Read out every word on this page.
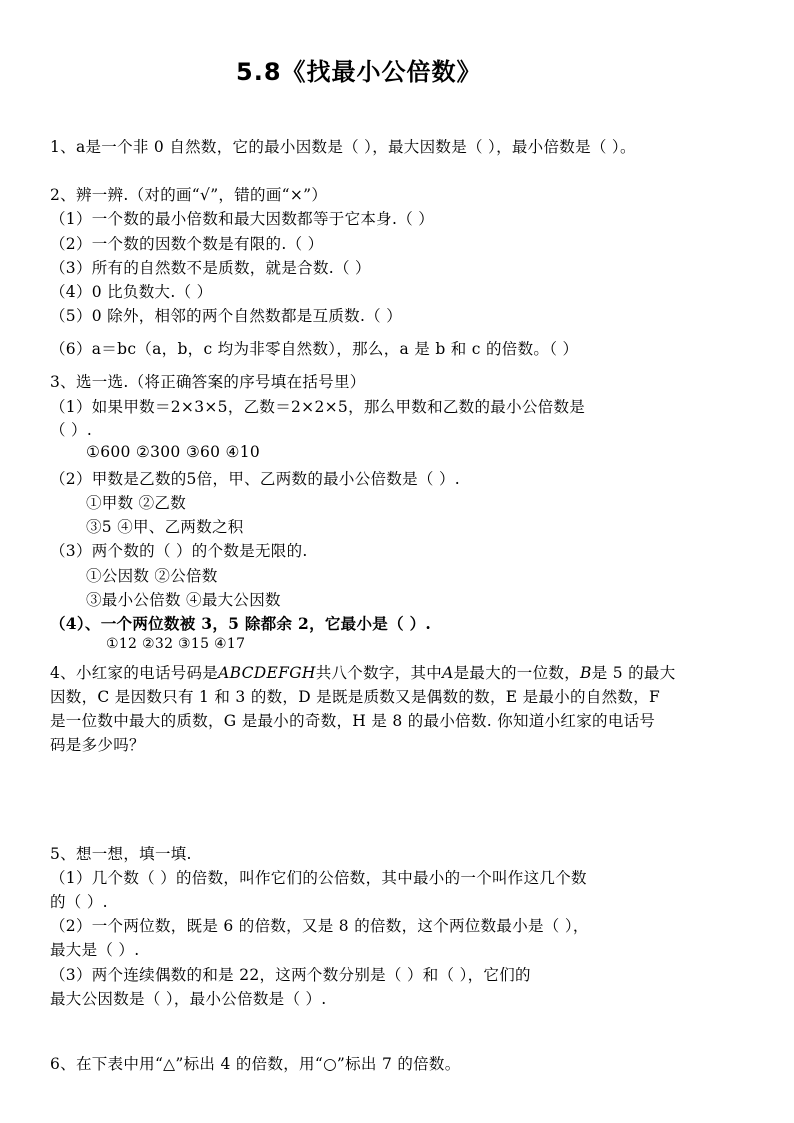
5.8《找最小公倍数》
1、a是一个非 0 自然数，它的最小因数是（ ），最大因数是（ ），最小倍数是（ ）。
2、辨一辨.（对的画“√”，错的画“×”）
（1）一个数的最小倍数和最大因数都等于它本身.（ ）
（2）一个数的因数个数是有限的.（ ）
（3）所有的自然数不是质数，就是合数.（ ）
（4）0 比负数大.（ ）
（5）0 除外，相邻的两个自然数都是互质数.（ ）
（6）a＝bc（a，b，c 均为非零自然数），那么，a 是 b 和 c 的倍数。（ ）
3、选一选.（将正确答案的序号填在括号里）
（1）如果甲数＝2×3×5，乙数＝2×2×5，那么甲数和乙数的最小公倍数是
（ ）.
①600 ②300 ③60 ④10
（2）甲数是乙数的5倍，甲、乙两数的最小公倍数是（ ）.
①甲数 ②乙数
③5 ④甲、乙两数之积
（3）两个数的（ ）的个数是无限的.
①公因数 ②公倍数
③最小公倍数 ④最大公因数
（4）、一个两位数被 3，5 除都余 2，它最小是（ ）.
①12 ②32 ③15 ④17
4、小红家的电话号码是ABCDEFGH共八个数字，其中A是最大的一位数，B是 5 的最大
因数，C 是因数只有 1 和 3 的数，D 是既是质数又是偶数的数，E 是最小的自然数，F
是一位数中最大的质数，G 是最小的奇数，H 是 8 的最小倍数. 你知道小红家的电话号
码是多少吗？
5、想一想，填一填.
（1）几个数（ ）的倍数，叫作它们的公倍数，其中最小的一个叫作这几个数
的（ ）.
（2）一个两位数，既是 6 的倍数，又是 8 的倍数，这个两位数最小是（ ），
最大是（ ）.
（3）两个连续偶数的和是 22，这两个数分别是（ ）和（ ），它们的
最大公因数是（ ），最小公倍数是（ ）.
6、在下表中用“△”标出 4 的倍数，用“○”标出 7 的倍数。
